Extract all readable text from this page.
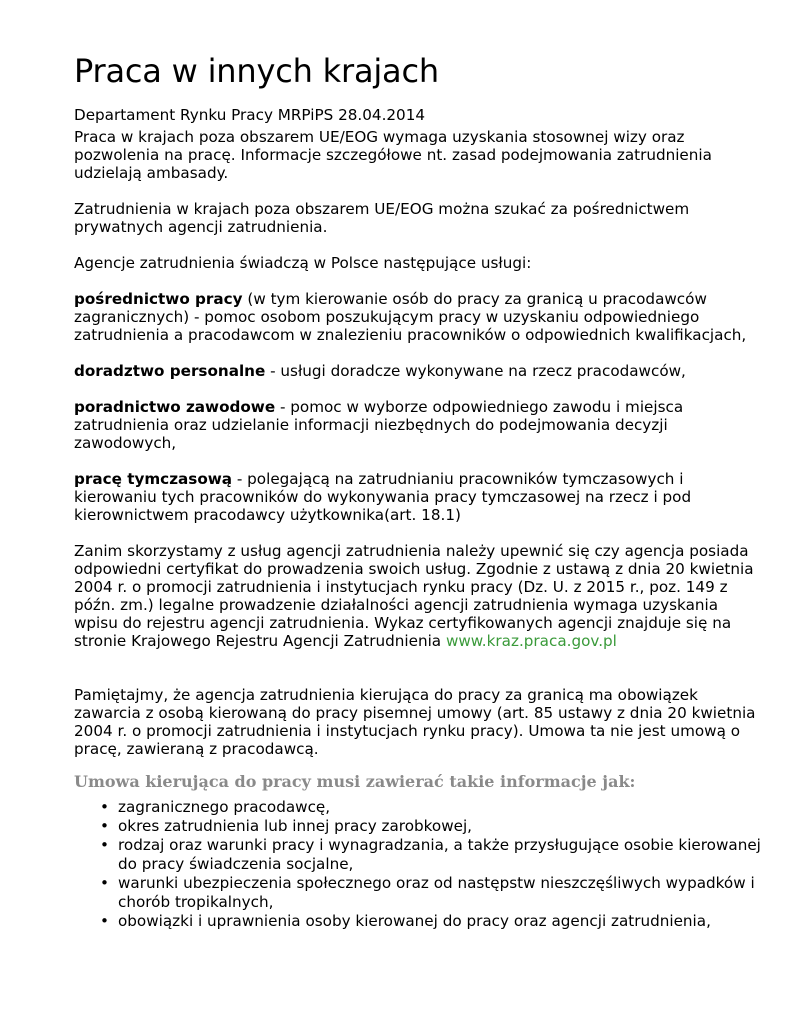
Praca w innych krajach
Departament Rynku Pracy MRPiPS 28.04.2014

Praca w krajach poza obszarem UE/EOG wymaga uzyskania stosownej wizy oraz pozwolenia na pracę. Informacje szczegółowe nt. zasad podejmowania zatrudnienia udzielają ambasady.

Zatrudnienia w krajach poza obszarem UE/EOG można szukać za pośrednictwem prywatnych agencji zatrudnienia.

Agencje zatrudnienia świadczą w Polsce następujące usługi:

pośrednictwo pracy (w tym kierowanie osób do pracy za granicą u pracodawców zagranicznych) - pomoc osobom poszukującym pracy w uzyskaniu odpowiedniego zatrudnienia a pracodawcom w znalezieniu pracowników o odpowiednich kwalifikacjach,

doradztwo personalne - usługi doradcze wykonywane na rzecz pracodawców,

poradnictwo zawodowe - pomoc w wyborze odpowiedniego zawodu i miejsca zatrudnienia oraz udzielanie informacji niezbędnych do podejmowania decyzji zawodowych,

pracę tymczasową - polegającą na zatrudnianiu pracowników tymczasowych i kierowaniu tych pracowników do wykonywania pracy tymczasowej na rzecz i pod kierownictwem pracodawcy użytkownika(art. 18.1)

Zanim skorzystamy z usług agencji zatrudnienia należy upewnić się czy agencja posiada odpowiedni certyfikat do prowadzenia swoich usług. Zgodnie z ustawą z dnia 20 kwietnia 2004 r. o promocji zatrudnienia i instytucjach rynku pracy (Dz. U. z 2015 r., poz. 149 z późn. zm.) legalne prowadzenie działalności agencji zatrudnienia wymaga uzyskania wpisu do rejestru agencji zatrudnienia. Wykaz certyfikowanych agencji znajduje się na stronie Krajowego Rejestru Agencji Zatrudnienia www.kraz.praca.gov.pl

Pamiętajmy, że agencja zatrudnienia kierująca do pracy za granicą ma obowiązek zawarcia z osobą kierowaną do pracy pisemnej umowy (art. 85 ustawy z dnia 20 kwietnia 2004 r. o promocji zatrudnienia i instytucjach rynku pracy). Umowa ta nie jest umową o pracę, zawieraną z pracodawcą.

Umowa kierująca do pracy musi zawierać takie informacje jak:
• zagranicznego pracodawcę,
• okres zatrudnienia lub innej pracy zarobkowej,
• rodzaj oraz warunki pracy i wynagradzania, a także przysługujące osobie kierowanej do pracy świadczenia socjalne,
• warunki ubezpieczenia społecznego oraz od następstw nieszczęśliwych wypadków i chorób tropikalnych,
• obowiązki i uprawnienia osoby kierowanej do pracy oraz agencji zatrudnienia,
